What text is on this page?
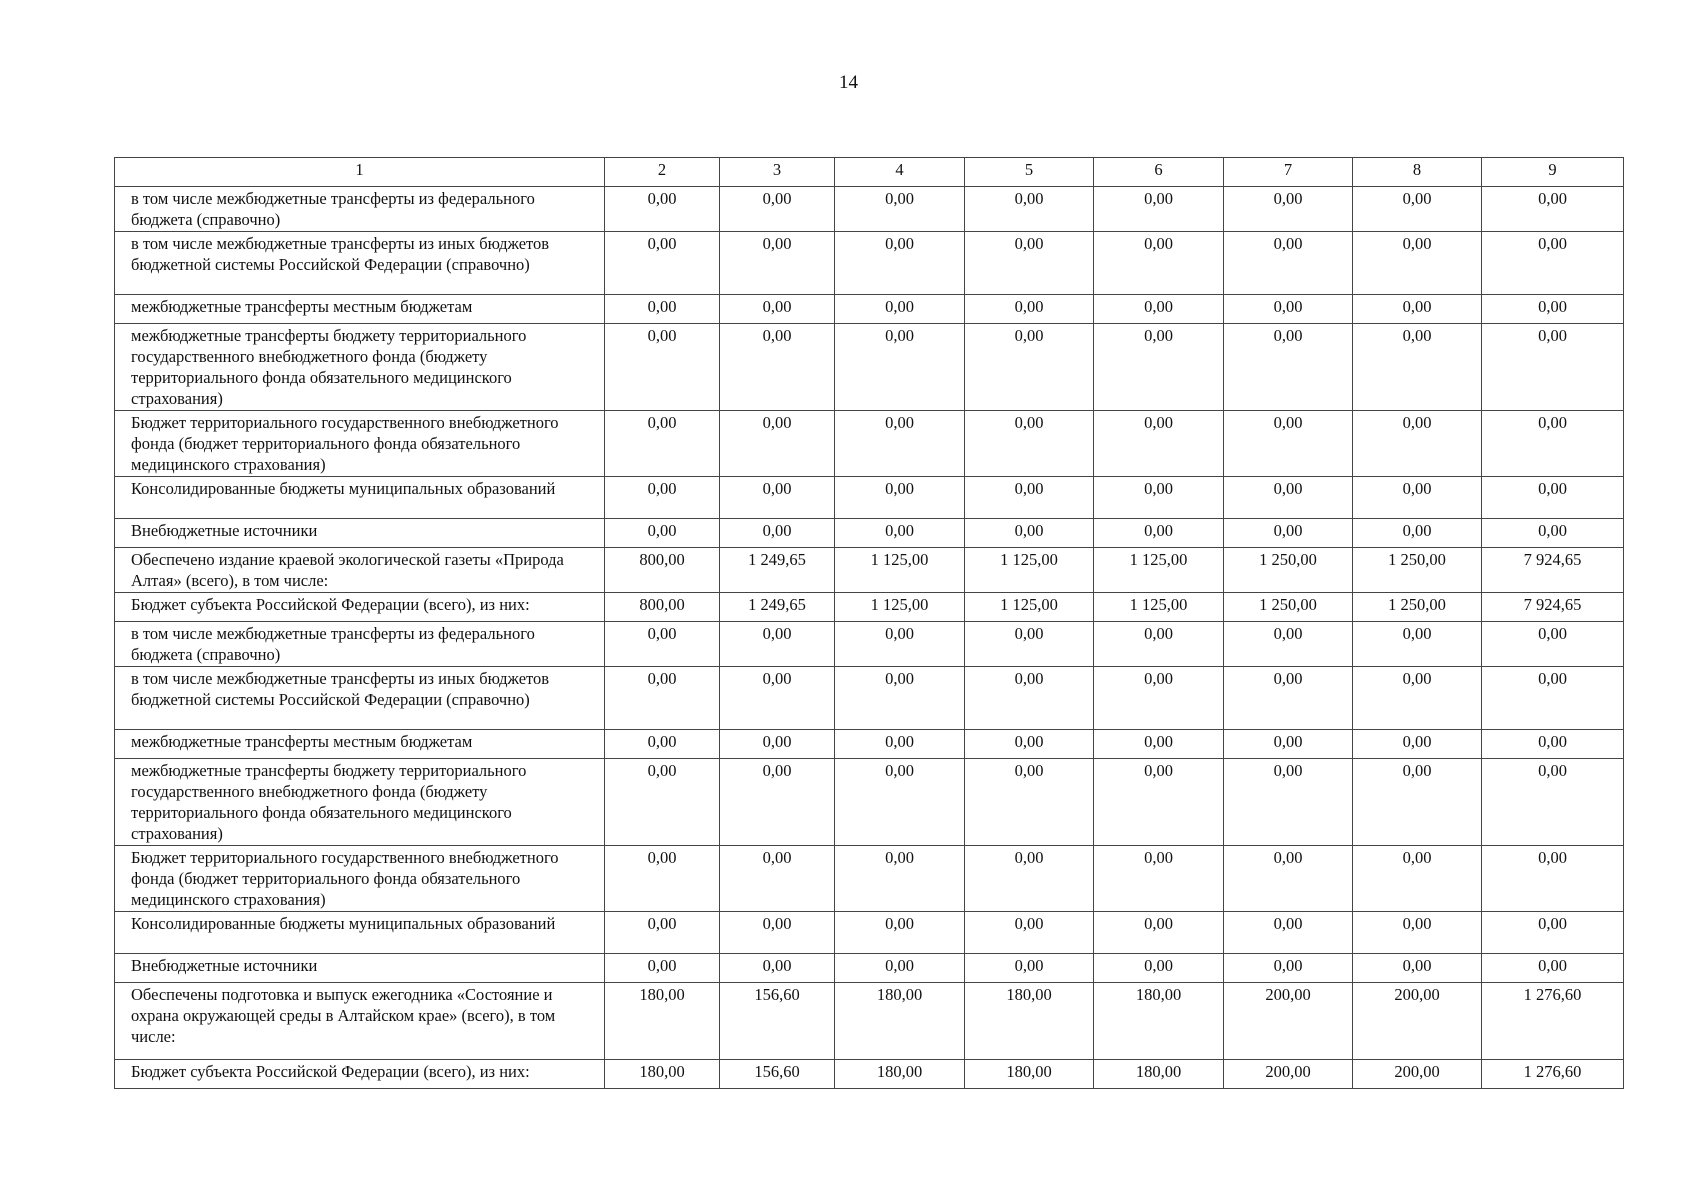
14
1	2	3	4	5	6	7	8	9
в том числе межбюджетные трансферты из федерального бюджета (справочно)	0,00	0,00	0,00	0,00	0,00	0,00	0,00	0,00
в том числе межбюджетные трансферты из иных бюджетов бюджетной системы Российской Федерации (справочно)	0,00	0,00	0,00	0,00	0,00	0,00	0,00	0,00
межбюджетные трансферты местным бюджетам	0,00	0,00	0,00	0,00	0,00	0,00	0,00	0,00
межбюджетные трансферты бюджету территориального государственного внебюджетного фонда (бюджету территориального фонда обязательного медицинского страхования)	0,00	0,00	0,00	0,00	0,00	0,00	0,00	0,00
Бюджет территориального государственного внебюджетного фонда (бюджет территориального фонда обязательного медицинского страхования)	0,00	0,00	0,00	0,00	0,00	0,00	0,00	0,00
Консолидированные бюджеты муниципальных образований	0,00	0,00	0,00	0,00	0,00	0,00	0,00	0,00
Внебюджетные источники	0,00	0,00	0,00	0,00	0,00	0,00	0,00	0,00
Обеспечено издание краевой экологической газеты «Природа Алтая» (всего), в том числе:	800,00	1 249,65	1 125,00	1 125,00	1 125,00	1 250,00	1 250,00	7 924,65
Бюджет субъекта Российской Федерации (всего), из них:	800,00	1 249,65	1 125,00	1 125,00	1 125,00	1 250,00	1 250,00	7 924,65
в том числе межбюджетные трансферты из федерального бюджета (справочно)	0,00	0,00	0,00	0,00	0,00	0,00	0,00	0,00
в том числе межбюджетные трансферты из иных бюджетов бюджетной системы Российской Федерации (справочно)	0,00	0,00	0,00	0,00	0,00	0,00	0,00	0,00
межбюджетные трансферты местным бюджетам	0,00	0,00	0,00	0,00	0,00	0,00	0,00	0,00
межбюджетные трансферты бюджету территориального государственного внебюджетного фонда (бюджету территориального фонда обязательного медицинского страхования)	0,00	0,00	0,00	0,00	0,00	0,00	0,00	0,00
Бюджет территориального государственного внебюджетного фонда (бюджет территориального фонда обязательного медицинского страхования)	0,00	0,00	0,00	0,00	0,00	0,00	0,00	0,00
Консолидированные бюджеты муниципальных образований	0,00	0,00	0,00	0,00	0,00	0,00	0,00	0,00
Внебюджетные источники	0,00	0,00	0,00	0,00	0,00	0,00	0,00	0,00
Обеспечены подготовка и выпуск ежегодника «Состояние и охрана окружающей среды в Алтайском крае» (всего), в том числе:	180,00	156,60	180,00	180,00	180,00	200,00	200,00	1 276,60
Бюджет субъекта Российской Федерации (всего), из них:	180,00	156,60	180,00	180,00	180,00	200,00	200,00	1 276,60
